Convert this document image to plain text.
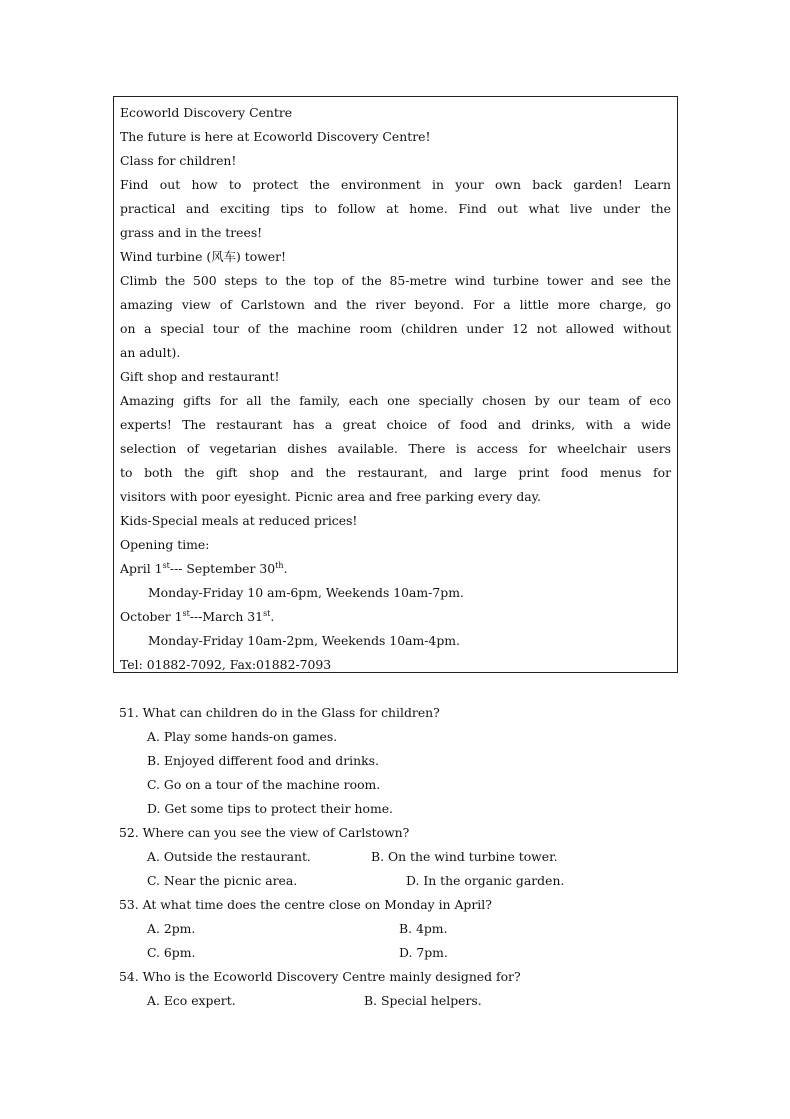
Ecoworld Discovery Centre
The future is here at Ecoworld Discovery Centre!
Class for children!
Find out how to protect the environment in your own back garden! Learn
practical and exciting tips to follow at home. Find out what live under the
grass and in the trees!
Wind turbine (风车) tower!
Climb the 500 steps to the top of the 85-metre wind turbine tower and see the
amazing view of Carlstown and the river beyond. For a little more charge, go
on a special tour of the machine room (children under 12 not allowed without
an adult).
Gift shop and restaurant!
Amazing gifts for all the family, each one specially chosen by our team of eco
experts! The restaurant has a great choice of food and drinks, with a wide
selection of vegetarian dishes available. There is access for wheelchair users
to both the gift shop and the restaurant, and large print food menus for
visitors with poor eyesight. Picnic area and free parking every day.
Kids-Special meals at reduced prices!
Opening time:
April 1st--- September 30th.
Monday-Friday 10 am-6pm, Weekends 10am-7pm.
October 1st---March 31st.
Monday-Friday 10am-2pm, Weekends 10am-4pm.
Tel: 01882-7092, Fax:01882-7093
51. What can children do in the Glass for children?
A. Play some hands-on games.
B. Enjoyed different food and drinks.
C. Go on a tour of the machine room.
D. Get some tips to protect their home.
52. Where can you see the view of Carlstown?
A. Outside the restaurant.	B. On the wind turbine tower.
C. Near the picnic area.	D. In the organic garden.
53. At what time does the centre close on Monday in April?
A. 2pm.	B. 4pm.
C. 6pm.	D. 7pm.
54. Who is the Ecoworld Discovery Centre mainly designed for?
A. Eco expert.	B. Special helpers.
